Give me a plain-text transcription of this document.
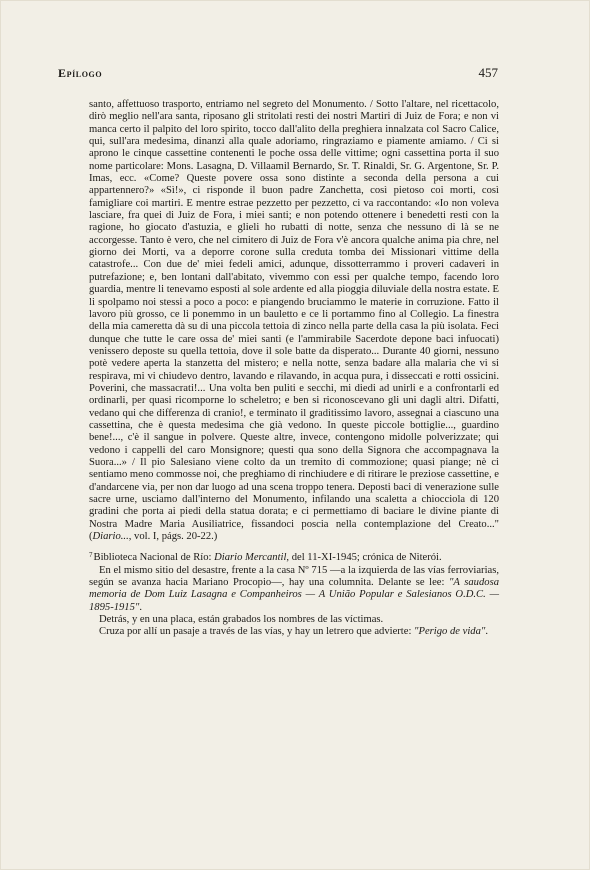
Epílogo	457

santo, affettuoso trasporto, entriamo nel segreto del Monumento. / Sotto l'altare, nel ricettacolo, dirò meglio nell'ara santa, riposano gli stritolati resti dei nostri Martiri di Juiz de Fora; e non vi manca certo il palpito del loro spirito, tocco dall'alito della preghiera innalzata col Sacro Calice, qui, sull'ara medesima, dinanzi alla quale adoriamo, ringraziamo e piamente amiamo. / Ci si aprono le cinque cassettine contenenti le poche ossa delle vittime; ogni cassettina porta il suo nome particolare: Mons. Lasagna, D. Villaamil Bernardo, Sr. T. Rinaldi, Sr. G. Argentone, Sr. P. Imas, ecc. «Come? Queste povere ossa sono distinte a seconda della persona a cui appartennero?» «Sì!», ci risponde il buon padre Zanchetta, così pietoso coi morti, così famigliare coi martiri. E mentre estrae pezzetto per pezzetto, ci va raccontando: «Io non voleva lasciare, fra quei di Juiz de Fora, i miei santi; e non potendo ottenere i benedetti resti con la ragione, ho giocato d'astuzia, e glieli ho rubatti di notte, senza che nessuno di là se ne accorgesse. Tanto è vero, che nel cimitero di Juiz de Fora v'è ancora qualche anima pia chre, nel giorno dei Morti, va a deporre corone sulla creduta tomba dei Missionari vittime della catastrofe... Con due de' miei fedeli amici, adunque, dissotterrammo i proveri cadaveri in putrefazione; e, ben lontani dall'abitato, vivemmo con essi per qualche tempo, facendo loro guardia, mentre li tenevamo esposti al sole ardente ed alla pioggia diluviale della nostra estate. E li spolpamo noi stessi a poco a poco: e piangendo bruciammo le materie in corruzione. Fatto il lavoro più grosso, ce li ponemmo in un bauletto e ce li portammo fino al Collegio. La finestra della mia cameretta dà su di una piccola tettoia di zinco nella parte della casa la più isolata. Feci dunque che tutte le care ossa de' miei santi (e l'ammirabile Sacerdote depone baci infuocati) venissero deposte su quella tettoia, dove il sole batte da disperato... Durante 40 giorni, nessuno potè vedere aperta la stanzetta del mistero; e nella notte, senza badare alla malaria che vi si respirava, mi vi chiudevo dentro, lavando e rilavando, in acqua pura, i disseccati e rotti ossicini. Poverini, che massacrati!... Una volta ben puliti e secchi, mi diedi ad unirli e a confrontarli ed ordinarli, per quasi ricomporne lo scheletro; e ben si riconoscevano gli uni dagli altri. Difatti, vedano qui che differenza di cranio!, e terminato il graditissimo lavoro, assegnai a ciascuno una cassettina, che è questa medesima che già vedono. In queste piccole bottiglie..., guardino bene!..., c'è il sangue in polvere. Queste altre, invece, contengono midolle polverizzate; qui vedono i cappelli del caro Monsignore; questi qua sono della Signora che accompagnava la Suora...» / Il pio Salesiano viene colto da un tremito di commozione; quasi piange; nè ci sentiamo meno commosse noi, che preghiamo di rinchiudere e di ritirare le preziose cassettine, e d'andarcene via, per non dar luogo ad una scena troppo tenera. Deposti baci di venerazione sulle sacre urne, usciamo dall'interno del Monumento, infilando una scaletta a chiocciola di 120 gradini che porta ai piedi della statua dorata; e ci permettiamo di baciare le divine piante di Nostra Madre Maria Ausiliatrice, fissandoci poscia nella contemplazione del Creato..." (Diario..., vol. I, págs. 20-22.)

$^7$Biblioteca Nacional de Río: Diario Mercantil, del 11-XI-1945; crónica de Niterói.

En el mismo sitio del desastre, frente a la casa Nº 715 —a la izquierda de las vías ferroviarias, según se avanza hacia Mariano Procopio—, hay una columnita. Delante se lee: "A saudosa memoria de Dom Luiz Lasagna e Companheiros — A União Popular e Salesianos O.D.C. — 1895-1915".

Detrás, y en una placa, están grabados los nombres de las víctimas.

Cruza por allí un pasaje a través de las vías, y hay un letrero que advierte: "Perigo de vida".
